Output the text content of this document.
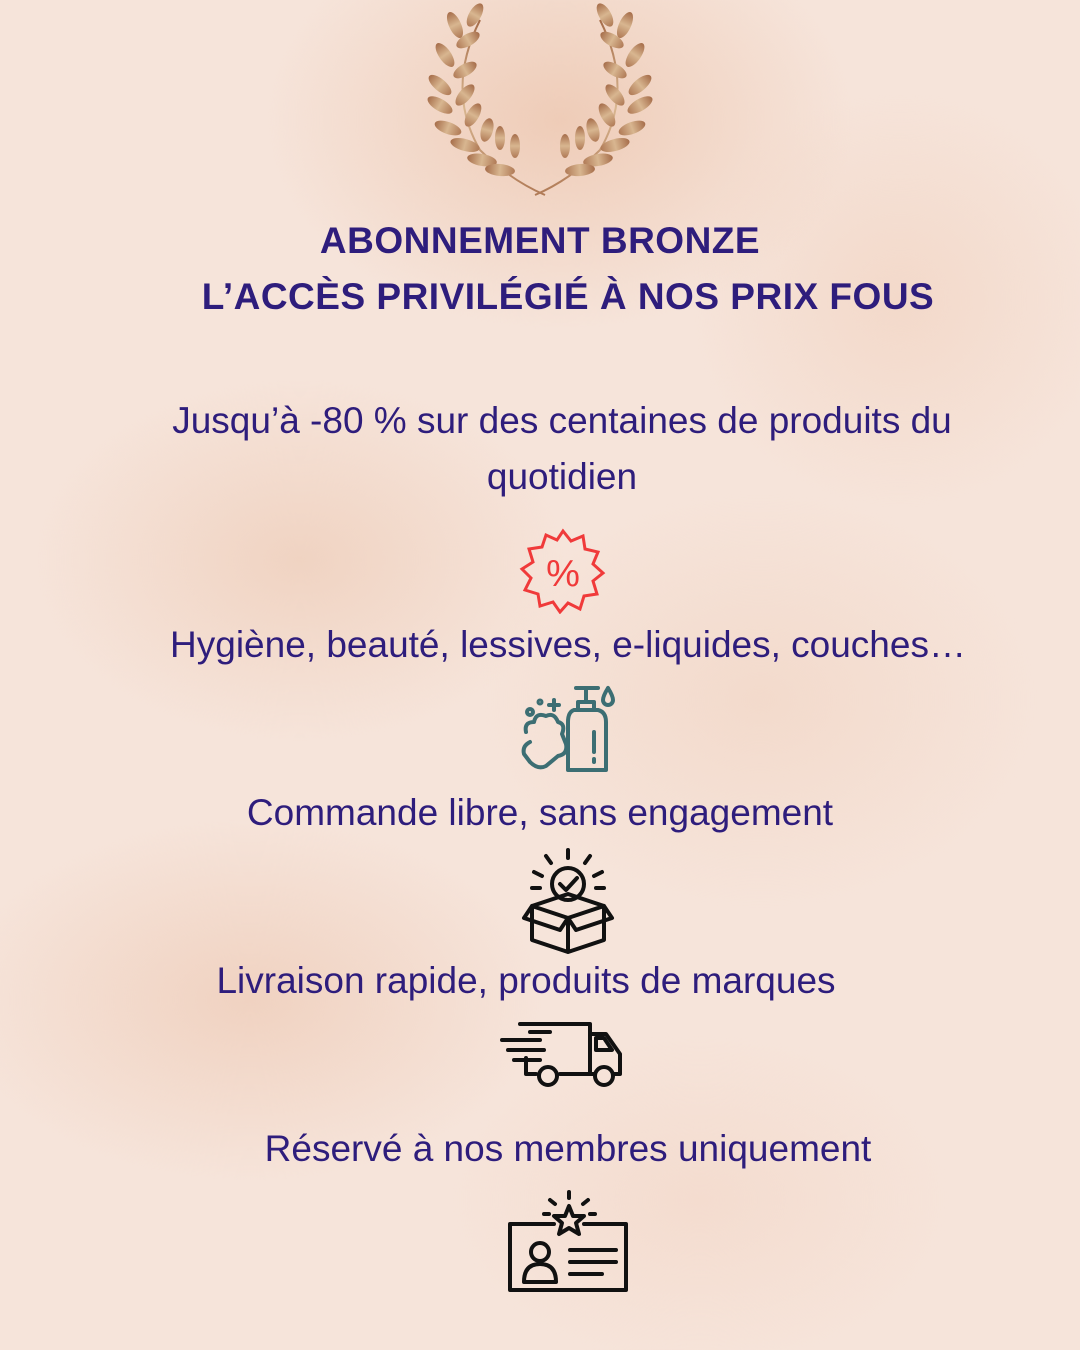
ABONNEMENT BRONZE
L’ACCÈS PRIVILÉGIÉ À NOS PRIX FOUS
Jusqu’à -80 % sur des centaines de produits du
quotidien
%
Hygiène, beauté, lessives, e-liquides, couches…
Commande libre, sans engagement
Livraison rapide, produits de marques
Réservé à nos membres uniquement
